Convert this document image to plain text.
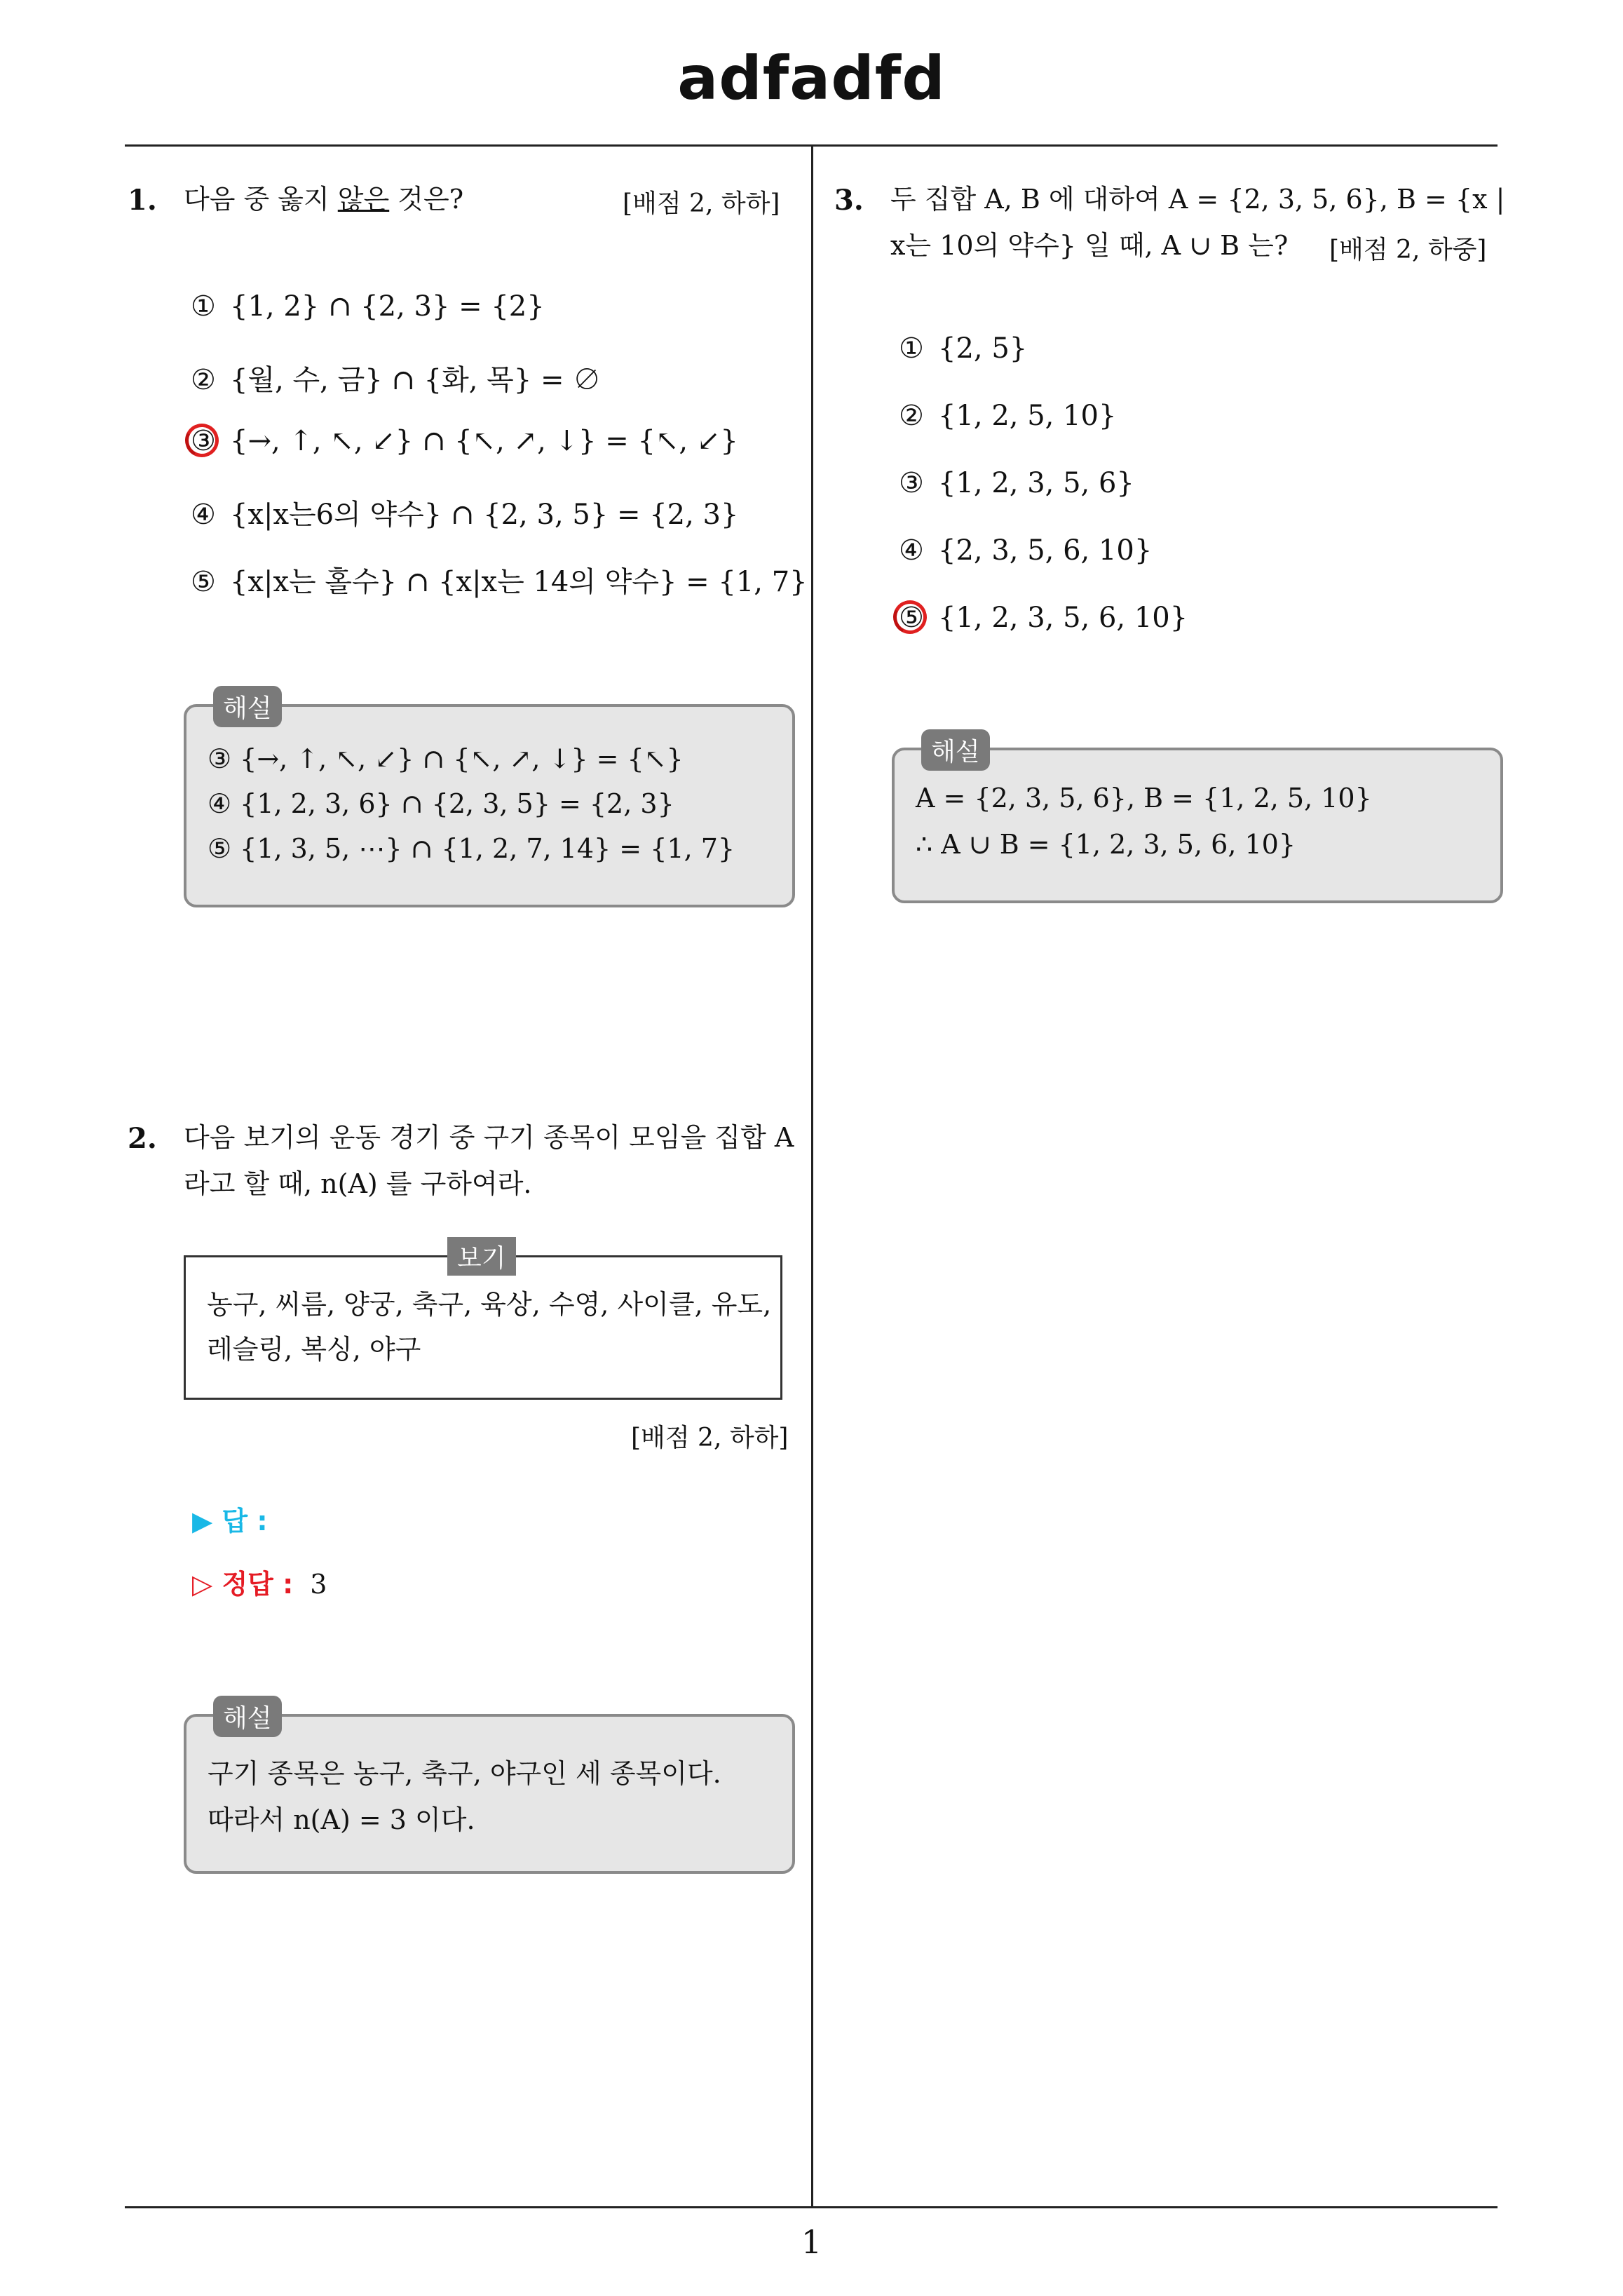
adfadfd
1
1. 다음 중 옳지 않은 것은?	[배점 2, 하하]
① {1, 2} ∩ {2, 3} = {2}
② {월, 수, 금} ∩ {화, 목} = ∅
③ {→, ↑, ↖, ↙} ∩ {↖, ↗, ↓} = {↖, ↙}
④ {x|x는6의 약수} ∩ {2, 3, 5} = {2, 3}
⑤ {x|x는 홀수} ∩ {x|x는 14의 약수} = {1, 7}
③ {→, ↑, ↖, ↙} ∩ {↖, ↗, ↓} = {↖}
④ {1, 2, 3, 6} ∩ {2, 3, 5} = {2, 3}
⑤ {1, 3, 5, ⋯} ∩ {1, 2, 7, 14} = {1, 7}
해설
2. 다음 보기의 운동 경기 중 구기 종목이 모임을 집합 A
라고 할 때, n(A) 를 구하여라.
농구, 씨름, 양궁, 축구, 육상, 수영, 사이클, 유도,
레슬링, 복싱, 야구
보기
[배점 2, 하하]
▶ 답 :
▷ 정답 : 3
구기 종목은 농구, 축구, 야구인 세 종목이다.
따라서 n(A) = 3 이다.
해설
3. 두 집합 A, B 에 대하여 A = {2, 3, 5, 6}, B = {x |
x는 10의 약수} 일 때, A ∪ B 는? [배점 2, 하중]
① {2, 5}
② {1, 2, 5, 10}
③ {1, 2, 3, 5, 6}
④ {2, 3, 5, 6, 10}
⑤ {1, 2, 3, 5, 6, 10}
A = {2, 3, 5, 6}, B = {1, 2, 5, 10}
∴ A ∪ B = {1, 2, 3, 5, 6, 10}
해설
